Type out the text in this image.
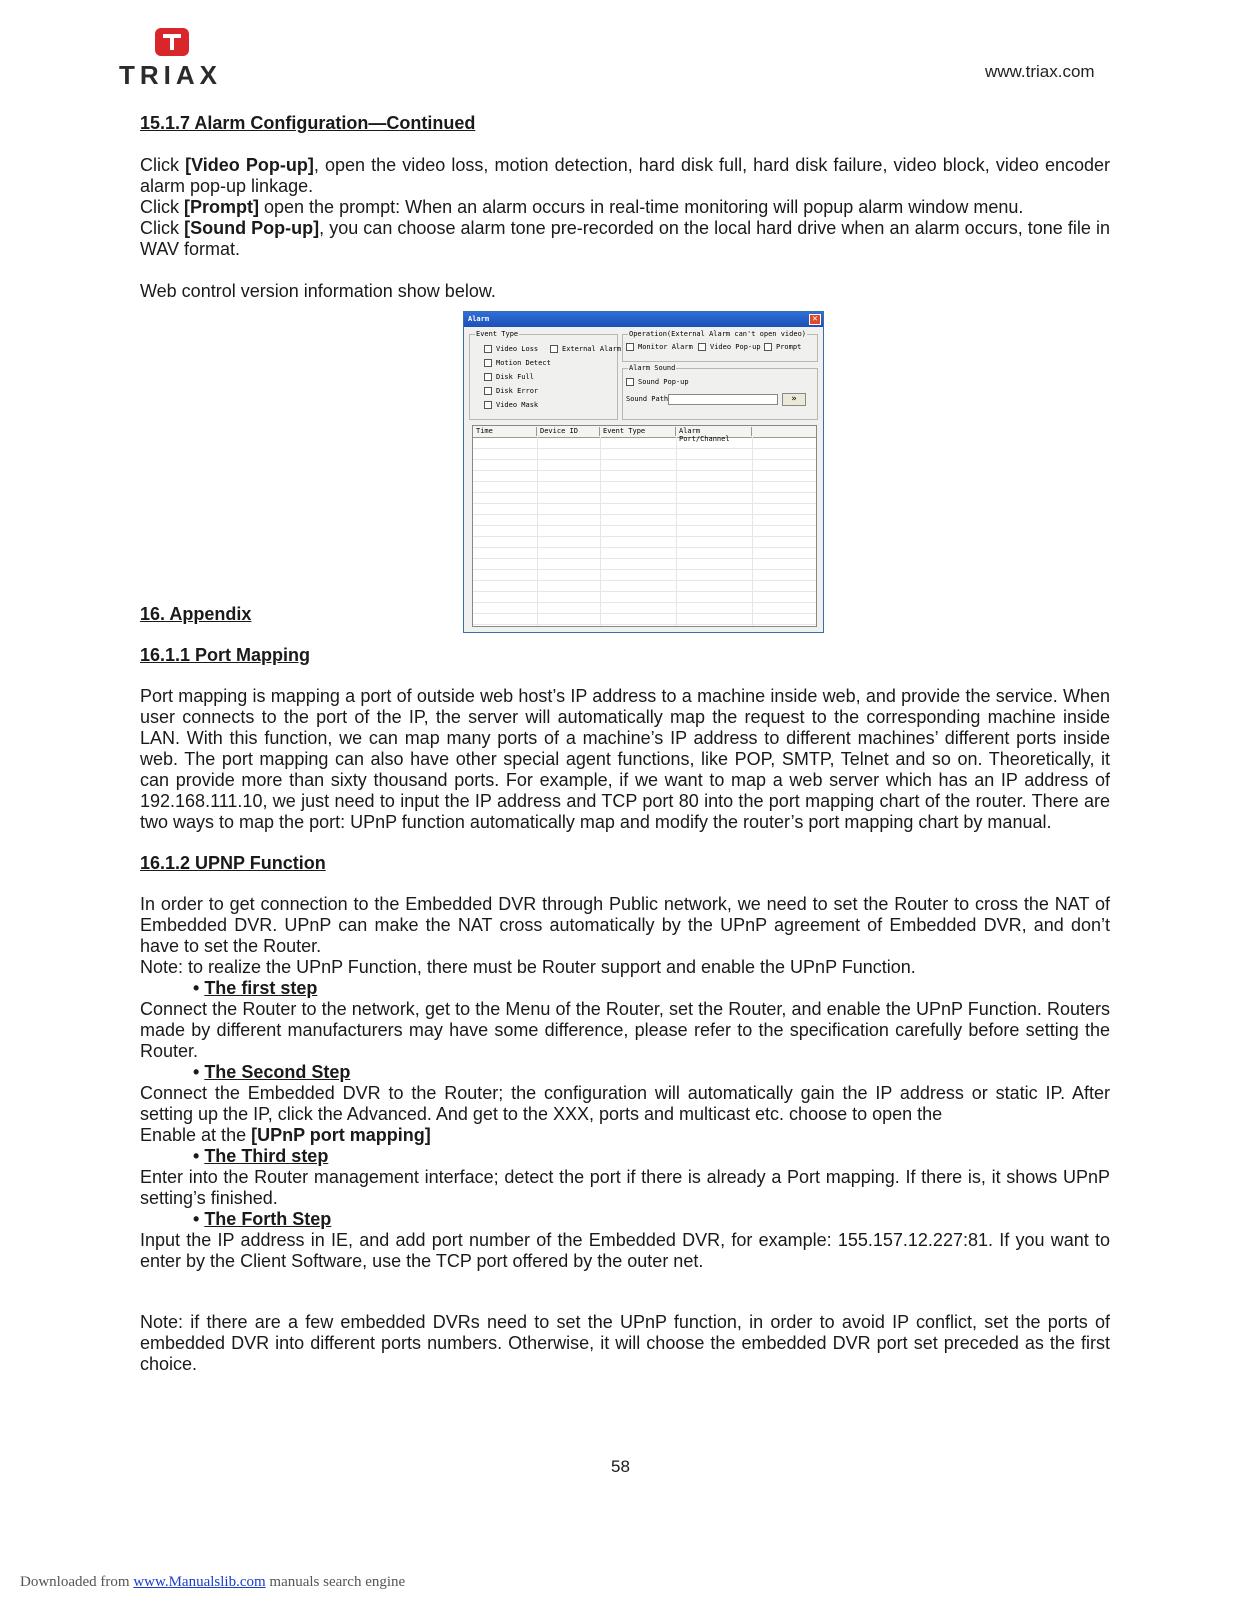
TRIAX	www.triax.com

15.1.7 Alarm Configuration—Continued

Click [Video Pop-up], open the video loss, motion detection, hard disk full, hard disk failure, video block, video encoder alarm pop-up linkage.

Click [Prompt] open the prompt: When an alarm occurs in real-time monitoring will popup alarm window menu.

Click [Sound Pop-up], you can choose alarm tone pre-recorded on the local hard drive when an alarm occurs, tone file in WAV format.

Web control version information show below.

Alarm	✕
Event Type
Video Loss
Motion Detect
Disk Full
Disk Error
Video Mask
External Alarm
Operation(External Alarm can't open video)
Monitor Alarm	Video Pop-up	Prompt
Alarm Sound
Sound Pop-up
Sound Path	»
Time	Device ID	Event Type	Alarm Port/Channel

16. Appendix

16.1.1 Port Mapping

Port mapping is mapping a port of outside web host’s IP address to a machine inside web, and provide the service. When user connects to the port of the IP, the server will automatically map the request to the corresponding machine inside LAN. With this function, we can map many ports of a machine’s IP address to different machines’ different ports inside web. The port mapping can also have other special agent functions, like POP, SMTP, Telnet and so on. Theoretically, it can provide more than sixty thousand ports. For example, if we want to map a web server which has an IP address of 192.168.111.10, we just need to input the IP address and TCP port 80 into the port mapping chart of the router. There are two ways to map the port: UPnP function automatically map and modify the router’s port mapping chart by manual.

16.1.2 UPNP Function

In order to get connection to the Embedded DVR through Public network, we need to set the Router to cross the NAT of Embedded DVR. UPnP can make the NAT cross automatically by the UPnP agreement of Embedded DVR, and don’t have to set the Router.

Note: to realize the UPnP Function, there must be Router support and enable the UPnP Function.

• The first step

Connect the Router to the network, get to the Menu of the Router, set the Router, and enable the UPnP Function. Routers made by different manufacturers may have some difference, please refer to the specification carefully before setting the Router.

• The Second Step

Connect the Embedded DVR to the Router; the configuration will automatically gain the IP address or static IP. After setting up the IP, click the Advanced. And get to the XXX, ports and multicast etc. choose to open the

Enable at the [UPnP port mapping]

• The Third step

Enter into the Router management interface; detect the port if there is already a Port mapping. If there is, it shows UPnP setting’s finished.

• The Forth Step

Input the IP address in IE, and add port number of the Embedded DVR, for example: 155.157.12.227:81. If you want to enter by the Client Software, use the TCP port offered by the outer net.

Note: if there are a few embedded DVRs need to set the UPnP function, in order to avoid IP conflict, set the ports of embedded DVR into different ports numbers. Otherwise, it will choose the embedded DVR port set preceded as the first choice.

58
Downloaded from www.Manualslib.com manuals search engine
